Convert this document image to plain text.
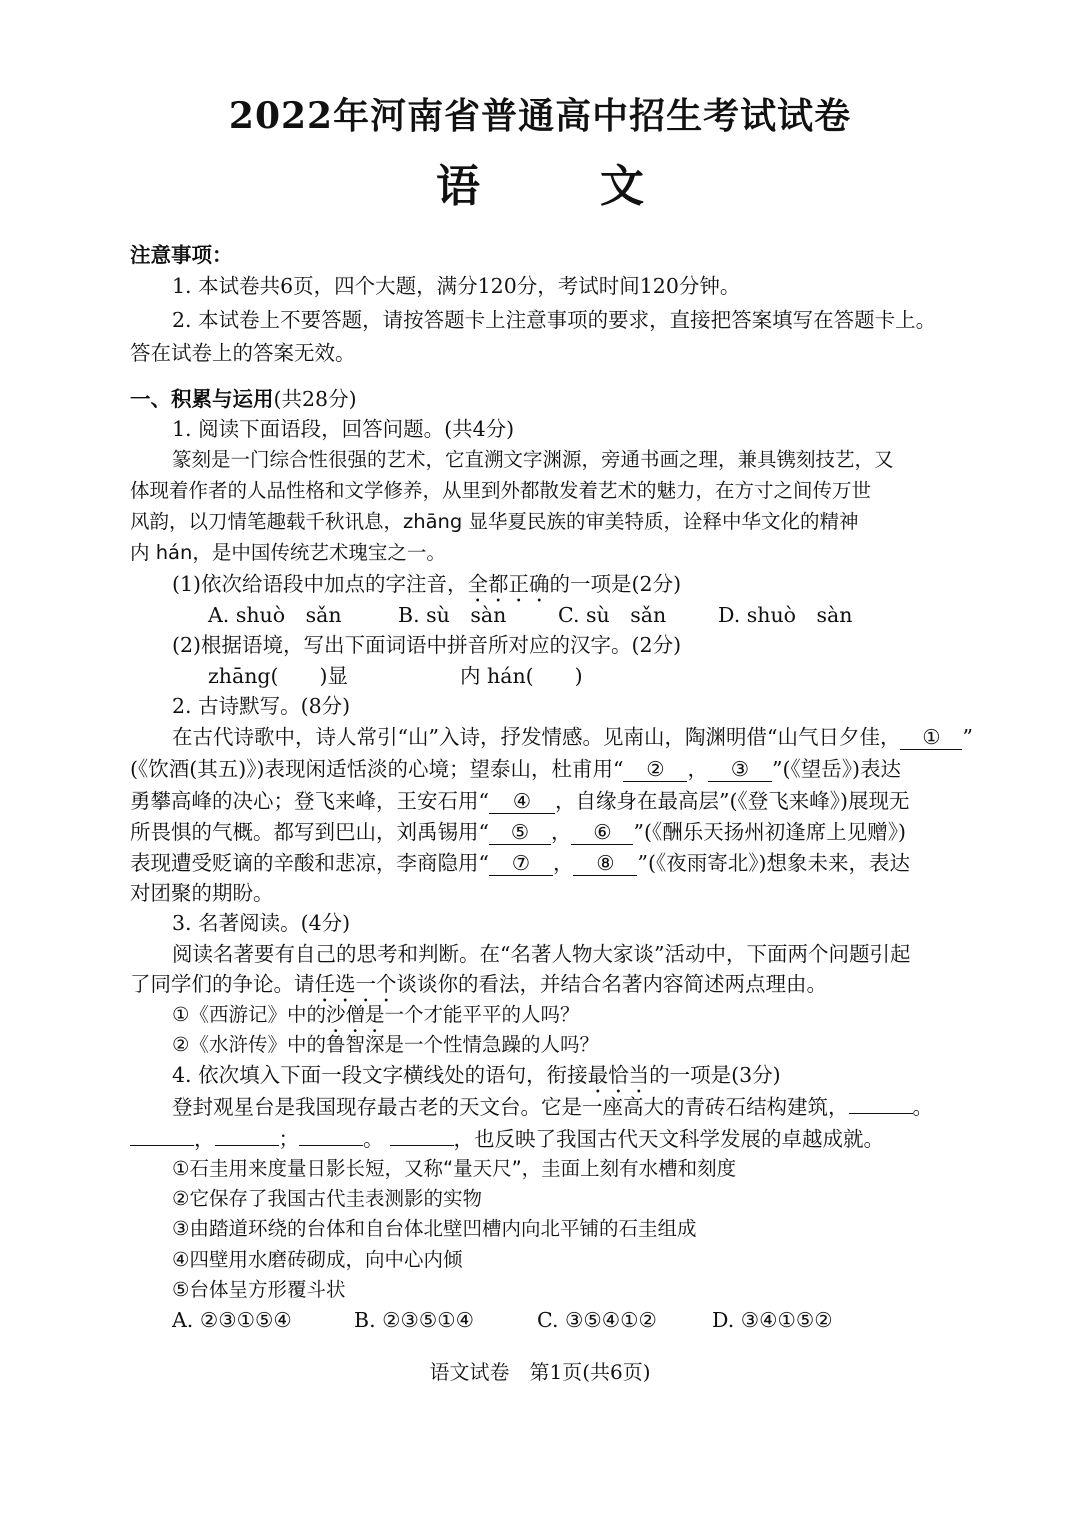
2022年河南省普通高中招生考试试卷
语	文
注意事项：
1. 本试卷共6页，四个大题，满分120分，考试时间120分钟。
2. 本试卷上不要答题，请按答题卡上注意事项的要求，直接把答案填写在答题卡上。
答在试卷上的答案无效。
一、积累与运用(共28分)
1. 阅读下面语段，回答问题。(共4分)
篆刻是一门综合性很强的艺术，它直溯文字渊源，旁通书画之理，兼具镌刻技艺，又
体现着作者的人品性格和文学修养，从里到外都散发着艺术的魅力，在方寸之间传万世
风韵，以刀情笔趣载千秋讯息，zhāng 显华夏民族的审美特质，诠释中华文化的精神
内 hán，是中国传统艺术瑰宝之一。
(1)依次给语段中加点的字注音，全都正确的一项是(2分)
A. shuò　sǎn	B. sù　sàn	C. sù　sǎn	D. shuò　sàn
(2)根据语境，写出下面词语中拼音所对应的汉字。(2分)
zhāng(　　)显	内 hán(　　)
2. 古诗默写。(8分)
在古代诗歌中，诗人常引“山”入诗，抒发情感。见南山，陶渊明借“山气日夕佳， ① ”
(《饮酒(其五)》)表现闲适恬淡的心境；望泰山，杜甫用“ ② ， ③ ”(《望岳》)表达
勇攀高峰的决心；登飞来峰，王安石用“ ④ ，自缘身在最高层”(《登飞来峰》)展现无
所畏惧的气概。都写到巴山，刘禹锡用“ ⑤ ， ⑥ ”(《酬乐天扬州初逢席上见赠》)
表现遭受贬谪的辛酸和悲凉，李商隐用“ ⑦ ， ⑧ ”(《夜雨寄北》)想象未来，表达
对团聚的期盼。
3. 名著阅读。(4分)
阅读名著要有自己的思考和判断。在“名著人物大家谈”活动中，下面两个问题引起
了同学们的争论。请任选一个谈谈你的看法，并结合名著内容简述两点理由。
①《西游记》中的沙僧是一个才能平平的人吗？
②《水浒传》中的鲁智深是一个性情急躁的人吗？
4. 依次填入下面一段文字横线处的语句，衔接最恰当的一项是(3分)
登封观星台是我国现存最古老的天文台。它是一座高大的青砖石结构建筑，	。
，	；	。	，也反映了我国古代天文科学发展的卓越成就。
①石圭用来度量日影长短，又称“量天尺”，圭面上刻有水槽和刻度
②它保存了我国古代圭表测影的实物
③由踏道环绕的台体和自台体北壁凹槽内向北平铺的石圭组成
④四壁用水磨砖砌成，向中心内倾
⑤台体呈方形覆斗状
A. ②③①⑤④	B. ②③⑤①④	C. ③⑤④①②	D. ③④①⑤②
语文试卷　第1页(共6页)
